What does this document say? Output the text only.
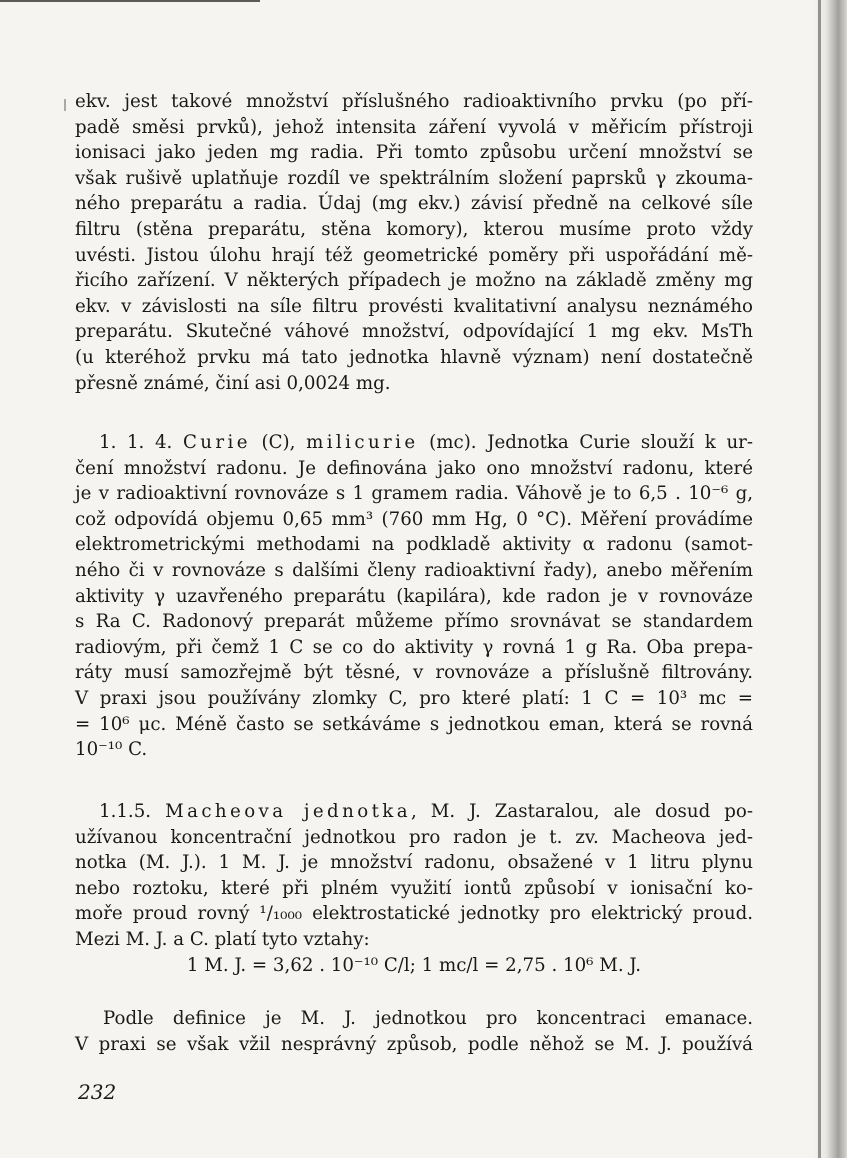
ekv. jest takové množství příslušného radioaktivního prvku (po pří-
padě směsi prvků), jehož intensita záření vyvolá v měřicím přístroji
ionisaci jako jeden mg radia. Při tomto způsobu určení množství se
však rušivě uplatňuje rozdíl ve spektrálním složení paprsků γ zkouma-
ného preparátu a radia. Údaj (mg ekv.) závisí předně na celkové síle
filtru (stěna preparátu, stěna komory), kterou musíme proto vždy
uvésti. Jistou úlohu hrají též geometrické poměry při uspořádání mě-
řicího zařízení. V některých případech je možno na základě změny mg
ekv. v závislosti na síle filtru provésti kvalitativní analysu neznámého
preparátu. Skutečné váhové množství, odpovídající 1 mg ekv. MsTh
(u kteréhož prvku má tato jednotka hlavně význam) není dostatečně
přesně známé, činí asi 0,0024 mg.
1. 1. 4. Curie (C), milicurie (mc). Jednotka Curie slouží k ur-
čení množství radonu. Je definována jako ono množství radonu, které
je v radioaktivní rovnováze s 1 gramem radia. Váhově je to 6,5 . 10⁻⁶ g,
což odpovídá objemu 0,65 mm³ (760 mm Hg, 0 °C). Měření provádíme
elektrometrickými methodami na podkladě aktivity α radonu (samot-
ného či v rovnováze s dalšími členy radioaktivní řady), anebo měřením
aktivity γ uzavřeného preparátu (kapilára), kde radon je v rovnováze
s Ra C. Radonový preparát můžeme přímo srovnávat se standardem
radiovým, při čemž 1 C se co do aktivity γ rovná 1 g Ra. Oba prepa-
ráty musí samozřejmě být těsné, v rovnováze a příslušně filtrovány.
V praxi jsou používány zlomky C, pro které platí: 1 C = 10³ mc =
= 10⁶ μc. Méně často se setkáváme s jednotkou eman, která se rovná
10⁻¹⁰ C.
1.1.5. Macheova jednotka, M. J. Zastaralou, ale dosud po-
užívanou koncentrační jednotkou pro radon je t. zv. Macheova jed-
notka (M. J.). 1 M. J. je množství radonu, obsažené v 1 litru plynu
nebo roztoku, které při plném využití iontů způsobí v ionisační ko-
moře proud rovný ¹/₁₀₀₀ elektrostatické jednotky pro elektrický proud.
Mezi M. J. a C. platí tyto vztahy:
1 M. J. = 3,62 . 10⁻¹⁰ C/l; 1 mc/l = 2,75 . 10⁶ M. J.
Podle definice je M. J. jednotkou pro koncentraci emanace.
V praxi se však vžil nesprávný způsob, podle něhož se M. J. používá
232
